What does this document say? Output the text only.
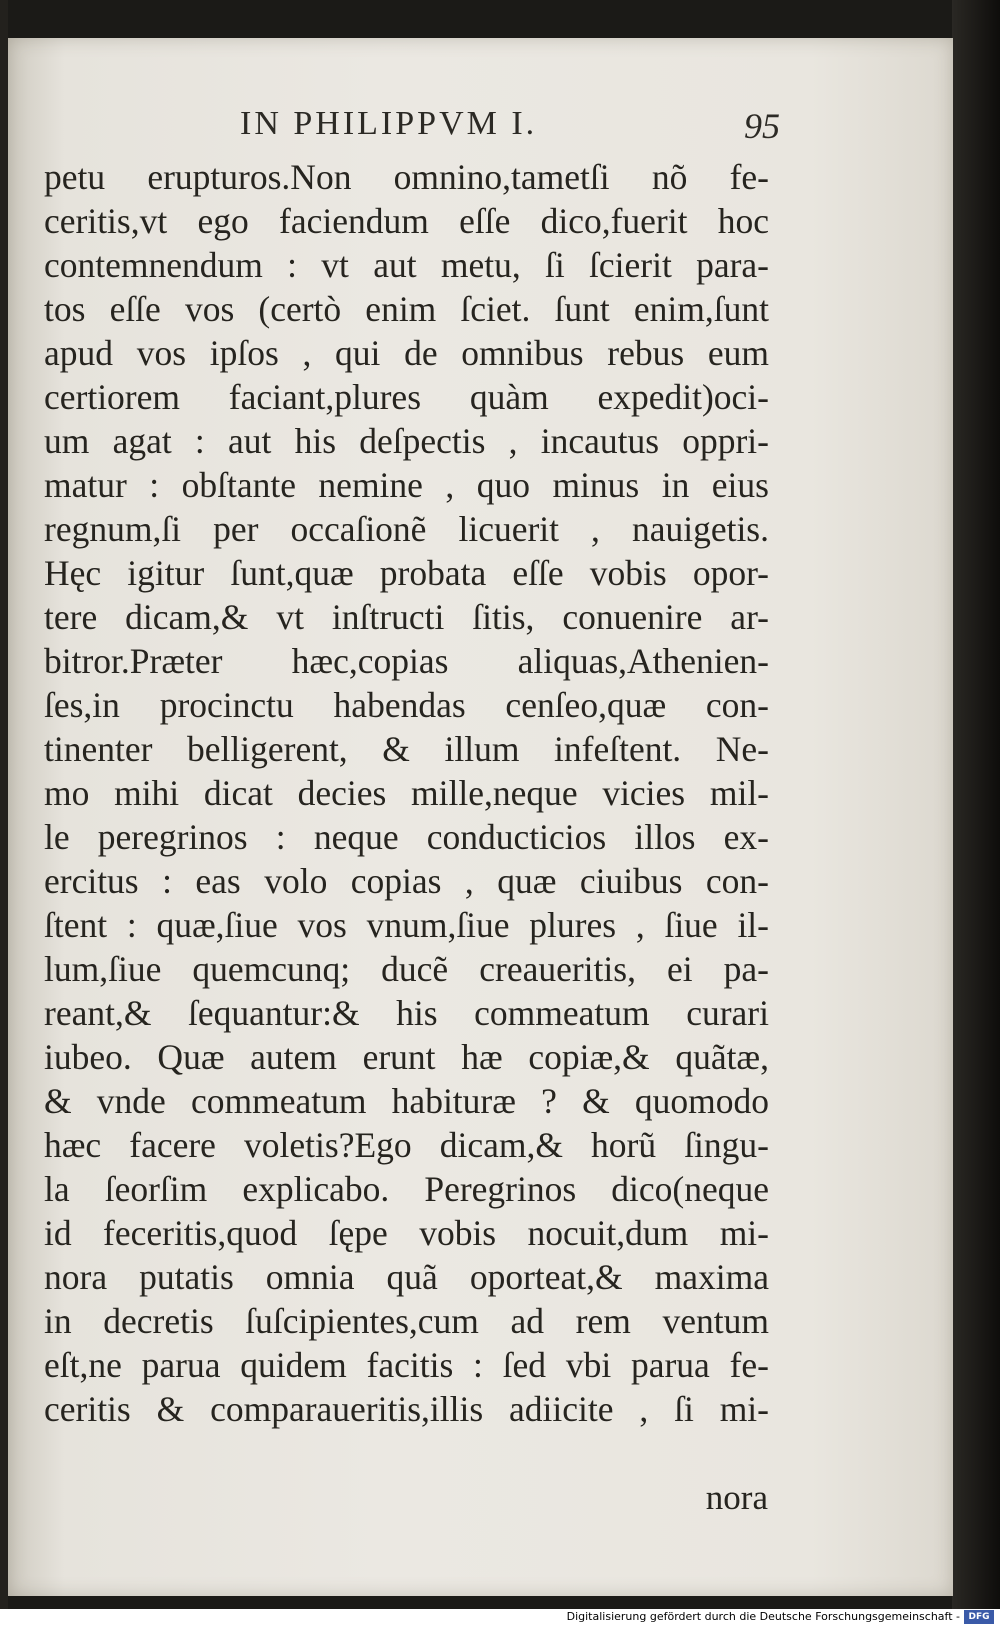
IN PHILIPPVM I.	95
petu erupturos.Non omnino,tametſi nõ fe-
ceritis,vt ego faciendum eſſe dico,fuerit hoc
contemnendum : vt aut metu, ſi ſcierit para-
tos eſſe vos (certò enim ſciet. ſunt enim,ſunt
apud vos ipſos , qui de omnibus rebus eum
certiorem faciant,plures quàm expedit)oci-
um agat : aut his deſpectis , incautus oppri-
matur : obſtante nemine , quo minus in eius
regnum,ſi per occaſionẽ licuerit , nauigetis.
Hęc igitur ſunt,quæ probata eſſe vobis opor-
tere dicam,& vt inſtructi ſitis, conuenire ar-
bitror.Præter hæc,copias aliquas,Athenien-
ſes,in procinctu habendas cenſeo,quæ con-
tinenter belligerent, & illum infeſtent. Ne-
mo mihi dicat decies mille,neque vicies mil-
le peregrinos : neque conducticios illos ex-
ercitus : eas volo copias , quæ ciuibus con-
ſtent : quæ,ſiue vos vnum,ſiue plures , ſiue il-
lum,ſiue quemcunq; ducẽ creaueritis, ei pa-
reant,& ſequantur:& his commeatum curari
iubeo. Quæ autem erunt hæ copiæ,& quãtæ,
& vnde commeatum habituræ ? & quomodo
hæc facere voletis?Ego dicam,& horũ ſingu-
la ſeorſim explicabo. Peregrinos dico(neque
id feceritis,quod ſępe vobis nocuit,dum mi-
nora putatis omnia quã oporteat,& maxima
in decretis ſuſcipientes,cum ad rem ventum
eſt,ne parua quidem facitis : ſed vbi parua fe-
ceritis & comparaueritis,illis adiicite , ſi mi-
nora
Digitalisierung gefördert durch die Deutsche Forschungsgemeinschaft - DFG
